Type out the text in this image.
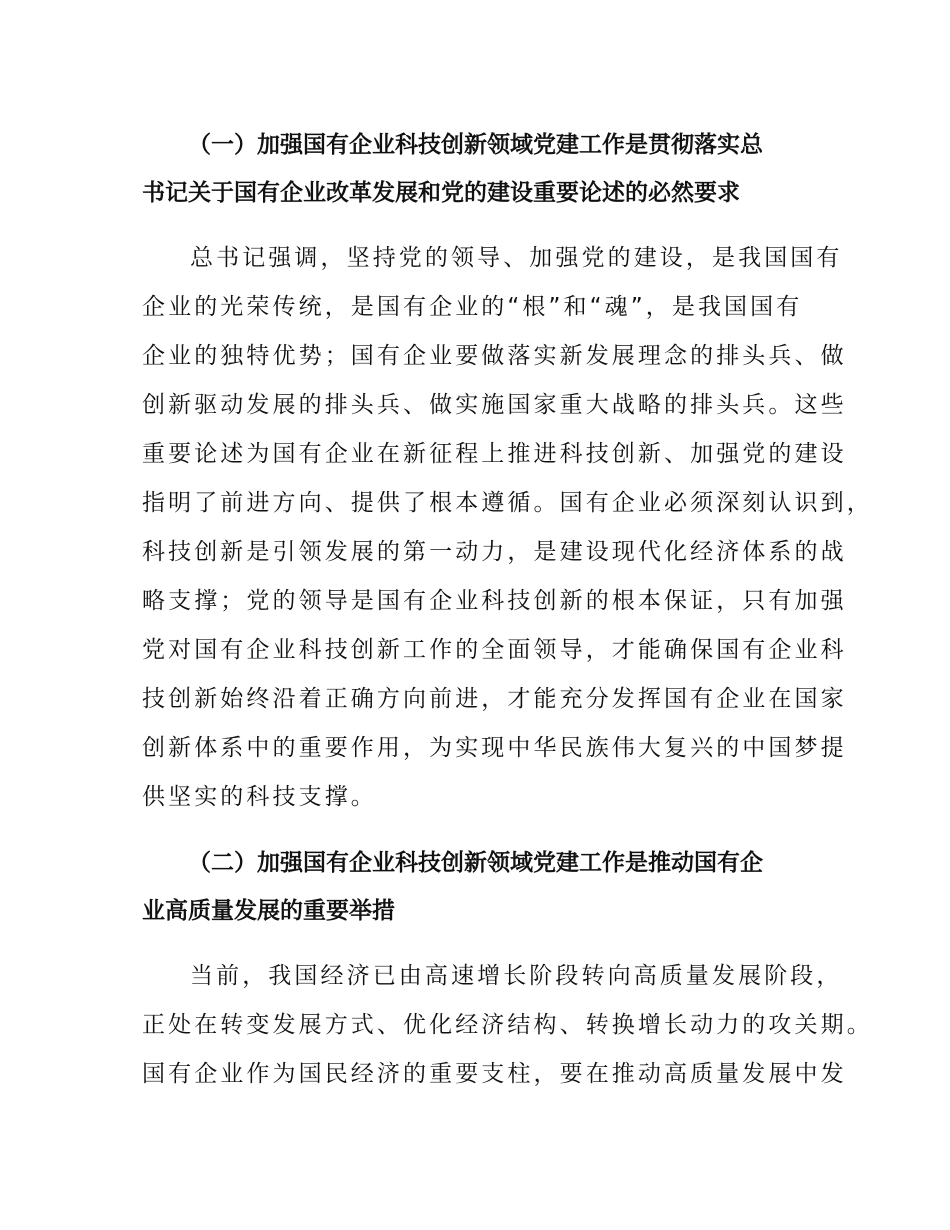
（一）加强国有企业科技创新领域党建工作是贯彻落实总
书记关于国有企业改革发展和党的建设重要论述的必然要求

总书记强调，坚持党的领导、加强党的建设，是我国国有
企业的光荣传统，是国有企业的“根”和“魂”，是我国国有
企业的独特优势；国有企业要做落实新发展理念的排头兵、做
创新驱动发展的排头兵、做实施国家重大战略的排头兵。这些
重要论述为国有企业在新征程上推进科技创新、加强党的建设
指明了前进方向、提供了根本遵循。国有企业必须深刻认识到，
科技创新是引领发展的第一动力，是建设现代化经济体系的战
略支撑；党的领导是国有企业科技创新的根本保证，只有加强
党对国有企业科技创新工作的全面领导，才能确保国有企业科
技创新始终沿着正确方向前进，才能充分发挥国有企业在国家
创新体系中的重要作用，为实现中华民族伟大复兴的中国梦提
供坚实的科技支撑。

（二）加强国有企业科技创新领域党建工作是推动国有企
业高质量发展的重要举措

当前，我国经济已由高速增长阶段转向高质量发展阶段，
正处在转变发展方式、优化经济结构、转换增长动力的攻关期。
国有企业作为国民经济的重要支柱，要在推动高质量发展中发
